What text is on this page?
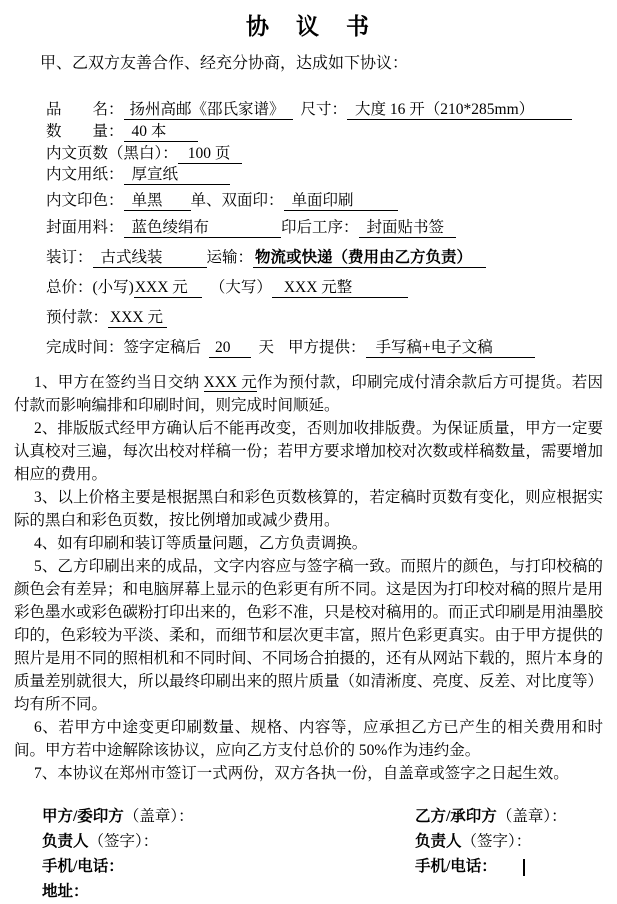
协　议　书

甲、乙双方友善合作、经充分协商，达成如下协议：

品　　名： 扬州高邮《邵氏家谱》 尺寸： 大度 16 开（210*285mm）
数　　量： 40 本
内文页数（黑白）： 100 页
内文用纸： 厚宣纸
内文印色： 单黑 单、双面印： 单面印刷
封面用料： 蓝色绫绢布	印后工序： 封面贴书签
装订： 古式线装	运输： 物流或快递（费用由乙方负责）
总价：(小写)XXX 元 （大写） XXX 元整
预付款： XXX 元
完成时间：签字定稿后 20 天 甲方提供： 手写稿+电子文稿

1、甲方在签约当日交纳 XXX 元作为预付款，印刷完成付清余款后方可提货。若因付款而影响编排和印刷时间，则完成时间顺延。

2、排版版式经甲方确认后不能再改变，否则加收排版费。为保证质量，甲方一定要认真校对三遍，每次出校对样稿一份；若甲方要求增加校对次数或样稿数量，需要增加相应的费用。

3、以上价格主要是根据黑白和彩色页数核算的，若定稿时页数有变化，则应根据实际的黑白和彩色页数，按比例增加或减少费用。

4、如有印刷和装订等质量问题，乙方负责调换。

5、乙方印刷出来的成品，文字内容应与签字稿一致。而照片的颜色，与打印校稿的颜色会有差异；和电脑屏幕上显示的色彩更有所不同。这是因为打印校对稿的照片是用彩色墨水或彩色碳粉打印出来的，色彩不准，只是校对稿用的。而正式印刷是用油墨胶印的，色彩较为平淡、柔和，而细节和层次更丰富，照片色彩更真实。由于甲方提供的照片是用不同的照相机和不同时间、不同场合拍摄的，还有从网站下载的，照片本身的质量差别就很大，所以最终印刷出来的照片质量（如清淅度、亮度、反差、对比度等）均有所不同。

6、若甲方中途变更印刷数量、规格、内容等，应承担乙方已产生的相关费用和时间。甲方若中途解除该协议，应向乙方支付总价的 50%作为违约金。

7、本协议在郑州市签订一式两份，双方各执一份，自盖章或签字之日起生效。

甲方/委印方（盖章）：
负责人（签字）：
手机/电话：
地址：
乙方/承印方（盖章）：
负责人（签字）：
手机/电话：
